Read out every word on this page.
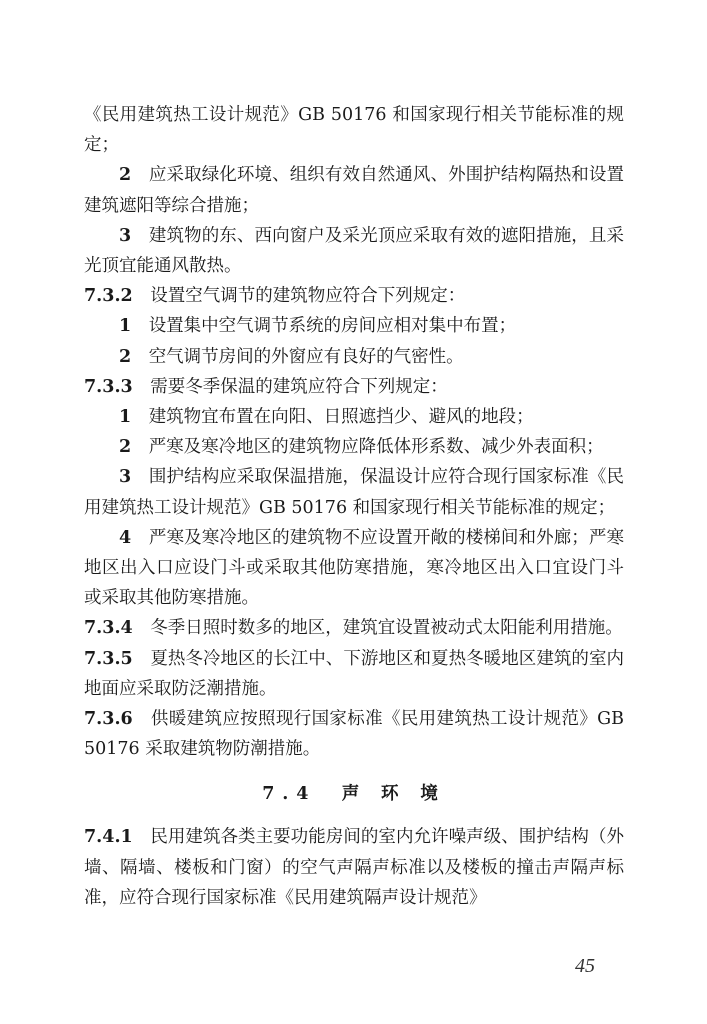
《民用建筑热工设计规范》GB 50176 和国家现行相关节能标准的规定；

2　 应采取绿化环境、组织有效自然通风、外围护结构隔热和设置建筑遮阳等综合措施；

3　 建筑物的东、西向窗户及采光顶应采取有效的遮阳措施，且采光顶宜能通风散热。

7.3.2　 设置空气调节的建筑物应符合下列规定：

1　 设置集中空气调节系统的房间应相对集中布置；

2　 空气调节房间的外窗应有良好的气密性。

7.3.3　 需要冬季保温的建筑应符合下列规定：

1　 建筑物宜布置在向阳、日照遮挡少、避风的地段；

2　 严寒及寒冷地区的建筑物应降低体形系数、减少外表面积；

3　 围护结构应采取保温措施，保温设计应符合现行国家标准《民用建筑热工设计规范》GB 50176 和国家现行相关节能标准的规定；

4　 严寒及寒冷地区的建筑物不应设置开敞的楼梯间和外廊；严寒地区出入口应设门斗或采取其他防寒措施，寒冷地区出入口宜设门斗或采取其他防寒措施。

7.3.4　 冬季日照时数多的地区，建筑宜设置被动式太阳能利用措施。

7.3.5　 夏热冬冷地区的长江中、下游地区和夏热冬暖地区建筑的室内地面应采取防泛潮措施。

7.3.6　 供暖建筑应按照现行国家标准《民用建筑热工设计规范》GB 50176 采取建筑物防潮措施。

7.4　 声 环 境

7.4.1　 民用建筑各类主要功能房间的室内允许噪声级、围护结构（外墙、隔墙、楼板和门窗）的空气声隔声标准以及楼板的撞击声隔声标准，应符合现行国家标准《民用建筑隔声设计规范》

45
